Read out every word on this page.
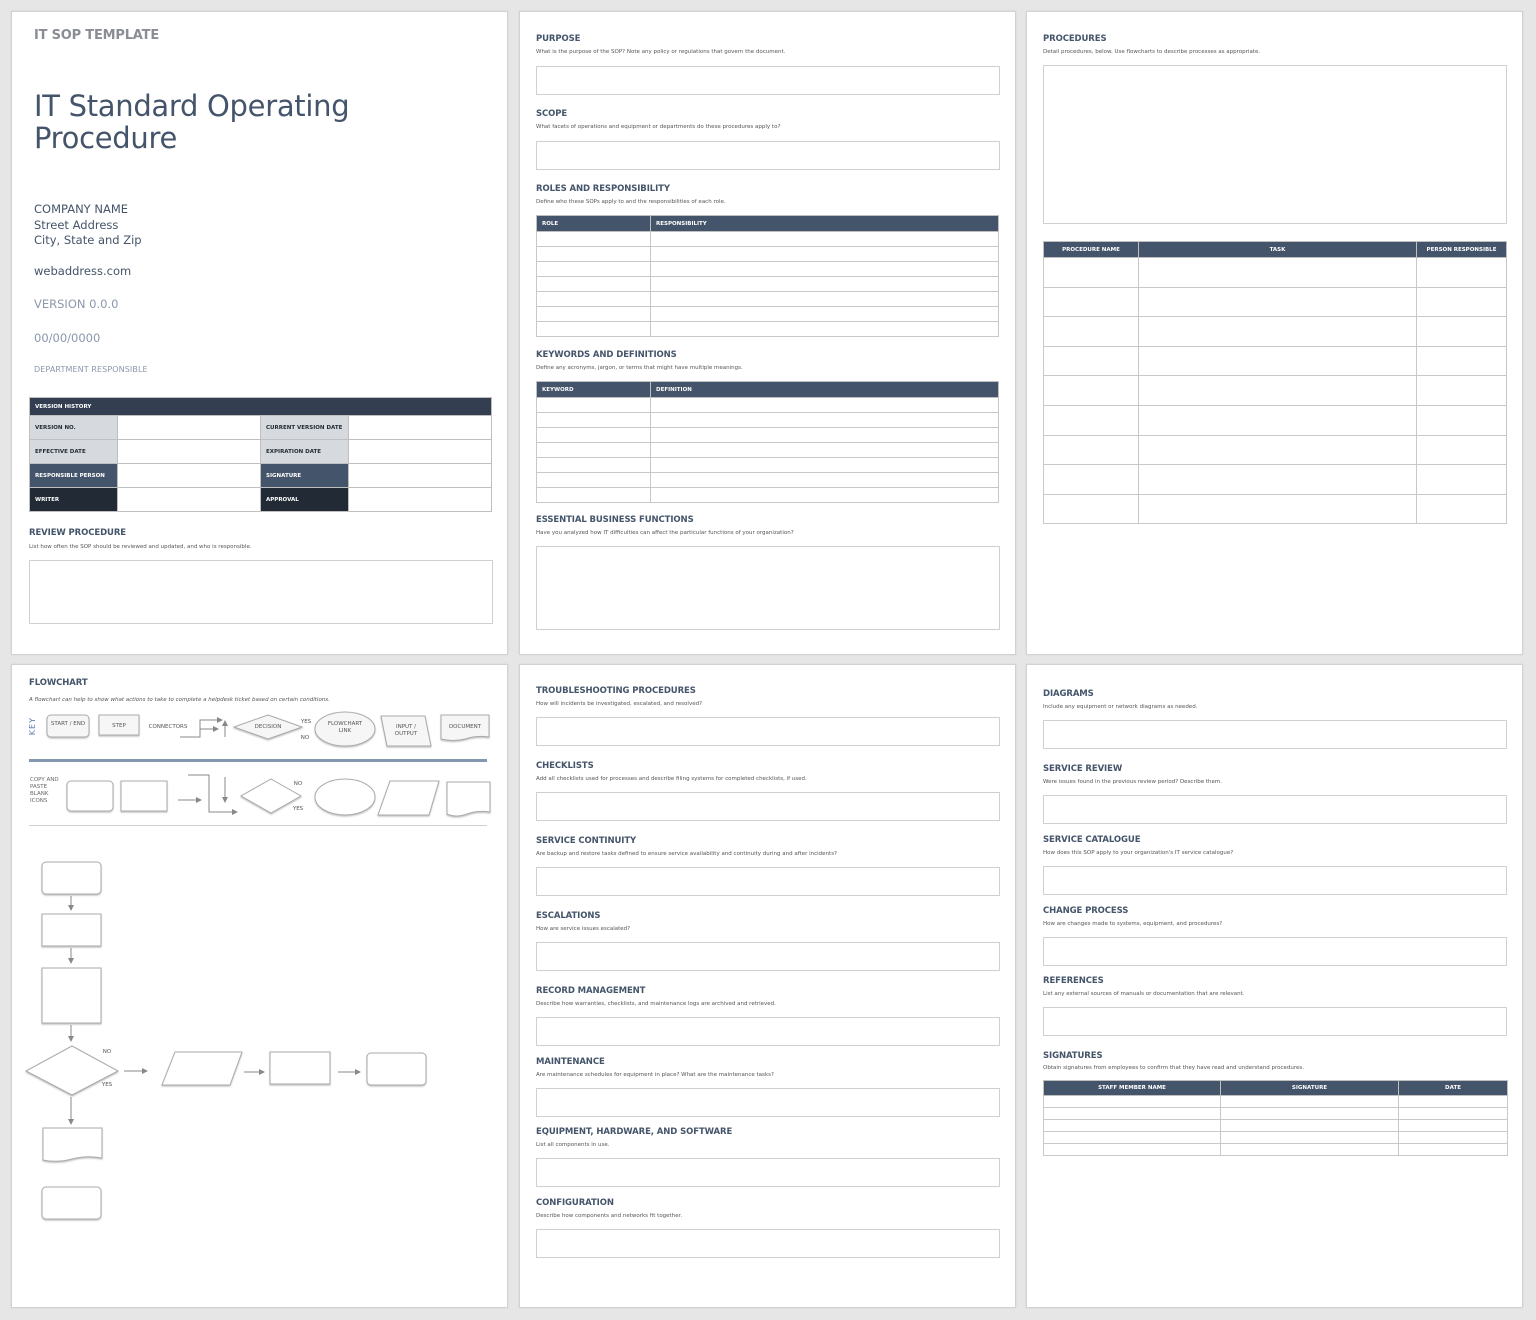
IT SOP TEMPLATE
IT Standard Operating Procedure
COMPANY NAME
Street Address
City, State and Zip
webaddress.com
VERSION 0.0.0
00/00/0000
DEPARTMENT RESPONSIBLE
VERSION HISTORY			
VERSION NO.		CURRENT VERSION DATE	
EFFECTIVE DATE		EXPIRATION DATE	
RESPONSIBLE PERSON		SIGNATURE	
WRITER		APPROVAL	
REVIEW PROCEDURE
List how often the SOP should be reviewed and updated, and who is responsible.
PURPOSE
What is the purpose of the SOP? Note any policy or regulations that govern the document.
SCOPE
What facets of operations and equipment or departments do these procedures apply to?
ROLES AND RESPONSIBILITY
Define who these SOPs apply to and the responsibilities of each role.
ROLE	RESPONSIBILITY

KEYWORDS AND DEFINITIONS
Define any acronyms, jargon, or terms that might have multiple meanings.
KEYWORD	DEFINITION

ESSENTIAL BUSINESS FUNCTIONS
Have you analyzed how IT difficulties can affect the particular functions of your organization?
PROCEDURES
Detail procedures, below. Use flowcharts to describe processes as appropriate.
PROCEDURE NAME	TASK	PERSON RESPONSIBLE

FLOWCHART
A flowchart can help to show what actions to take to complete a helpdesk ticket based on certain conditions.
KEY	START / END	STEP	CONNECTORS	DECISION
YES
NO
FLOWCHART LINK
INPUT / OUTPUT
DOCUMENT
COPY AND PASTE BLANK ICONS
NO
YES
NO
YES
TROUBLESHOOTING PROCEDURES
How will incidents be investigated, escalated, and resolved?
CHECKLISTS
Add all checklists used for processes and describe filing systems for completed checklists, if used.
SERVICE CONTINUITY
Are backup and restore tasks defined to ensure service availability and continuity during and after incidents?
ESCALATIONS
How are service issues escalated?
RECORD MANAGEMENT
Describe how warranties, checklists, and maintenance logs are archived and retrieved.
MAINTENANCE
Are maintenance schedules for equipment in place? What are the maintenance tasks?
EQUIPMENT, HARDWARE, AND SOFTWARE
List all components in use.
CONFIGURATION
Describe how components and networks fit together.
SIGNATURES
Obtain signatures from employees to confirm that they have read and understand procedures.
STAFF MEMBER NAME	SIGNATURE	DATE

DIAGRAMS
Include any equipment or network diagrams as needed.
SERVICE REVIEW
Were issues found in the previous review period? Describe them.
SERVICE CATALOGUE
How does this SOP apply to your organization's IT service catalogue?
CHANGE PROCESS
How are changes made to systems, equipment, and procedures?
REFERENCES
List any external sources of manuals or documentation that are relevant.
